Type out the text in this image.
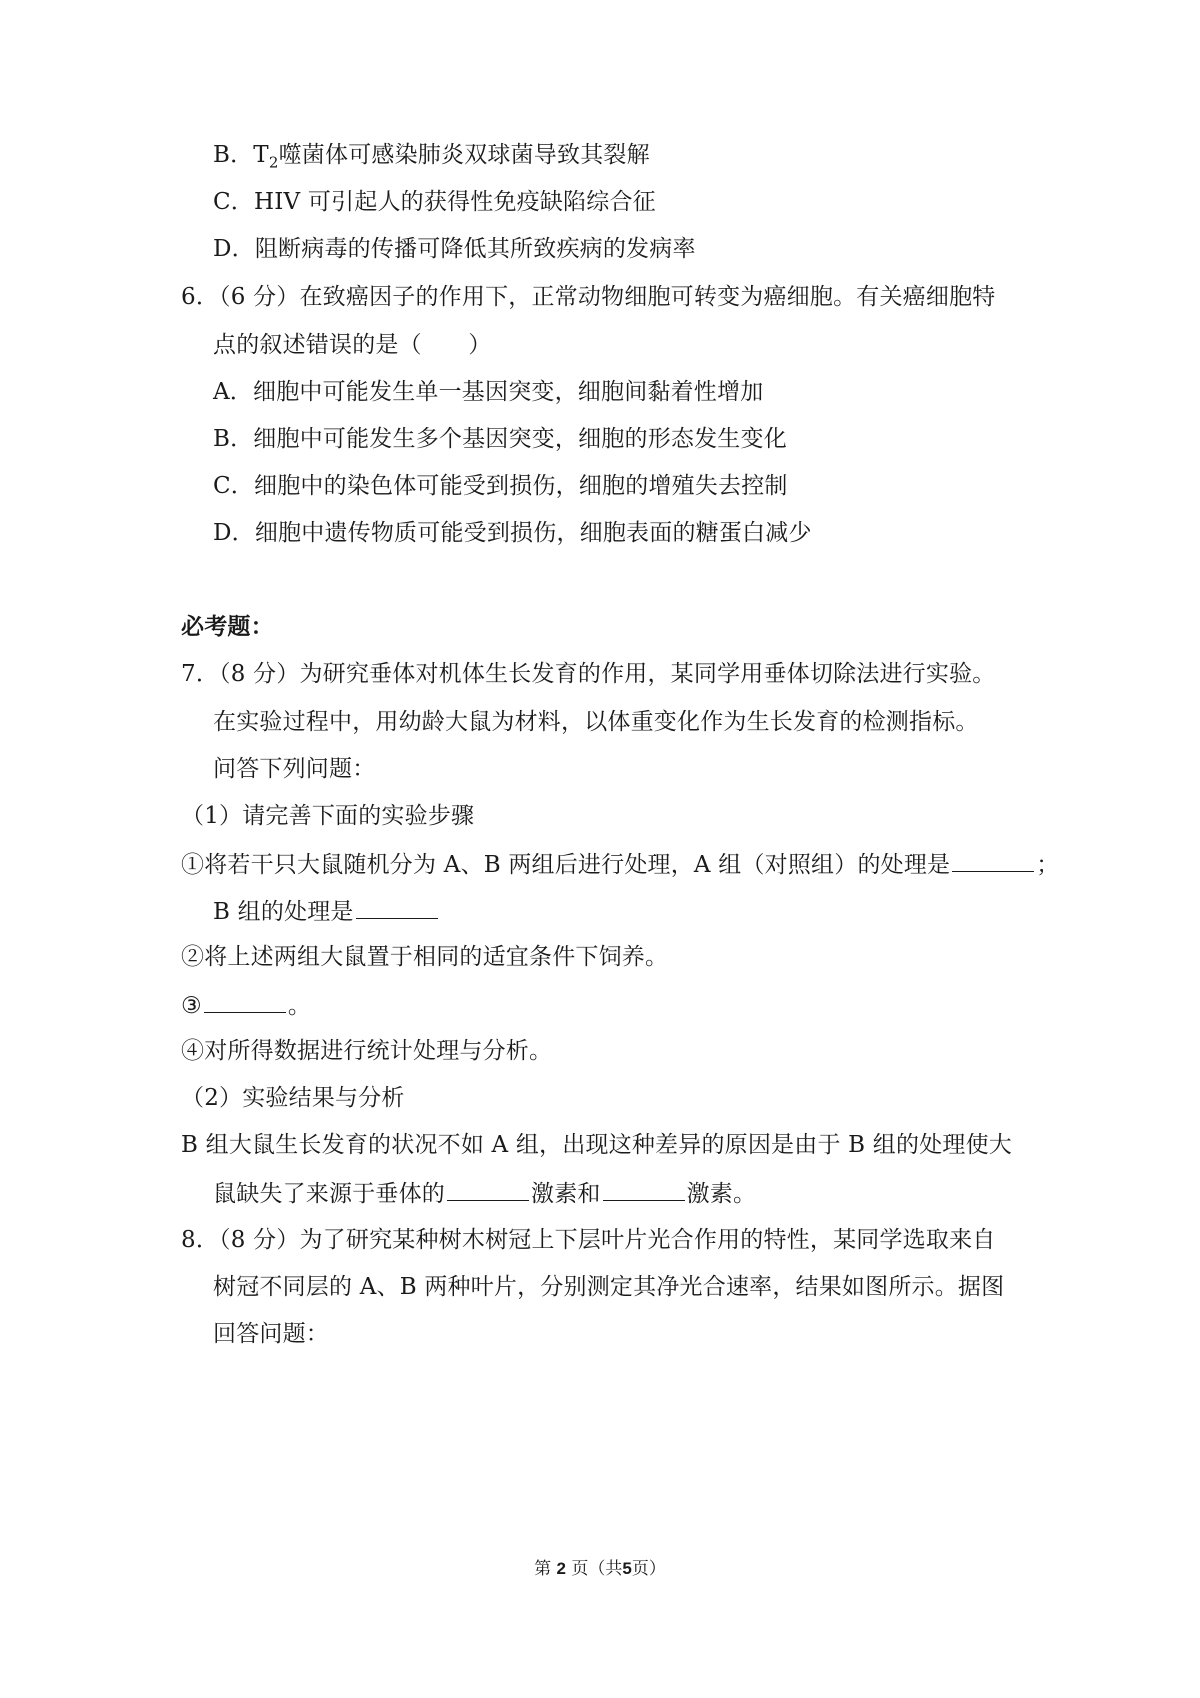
B．$T_2$噬菌体可感染肺炎双球菌导致其裂解
C．HIV 可引起人的获得性免疫缺陷综合征
D．阻断病毒的传播可降低其所致疾病的发病率
6．（6 分）在致癌因子的作用下，正常动物细胞可转变为癌细胞。有关癌细胞特
点的叙述错误的是（　　）
A．细胞中可能发生单一基因突变，细胞间黏着性增加
B．细胞中可能发生多个基因突变，细胞的形态发生变化
C．细胞中的染色体可能受到损伤，细胞的增殖失去控制
D．细胞中遗传物质可能受到损伤，细胞表面的糖蛋白减少
必考题：
7．（8 分）为研究垂体对机体生长发育的作用，某同学用垂体切除法进行实验。
在实验过程中，用幼龄大鼠为材料，以体重变化作为生长发育的检测指标。
问答下列问题：
（1）请完善下面的实验步骤
①将若干只大鼠随机分为 A、B 两组后进行处理，A 组（对照组）的处理是	；
B 组的处理是
②将上述两组大鼠置于相同的适宜条件下饲养。
③	。
④对所得数据进行统计处理与分析。
（2）实验结果与分析
B 组大鼠生长发育的状况不如 A 组，出现这种差异的原因是由于 B 组的处理使大
鼠缺失了来源于垂体的	激素和	激素。
8．（8 分）为了研究某种树木树冠上下层叶片光合作用的特性，某同学选取来自
树冠不同层的 A、B 两种叶片，分别测定其净光合速率，结果如图所示。据图
回答问题：
第 2 页（共5页）
